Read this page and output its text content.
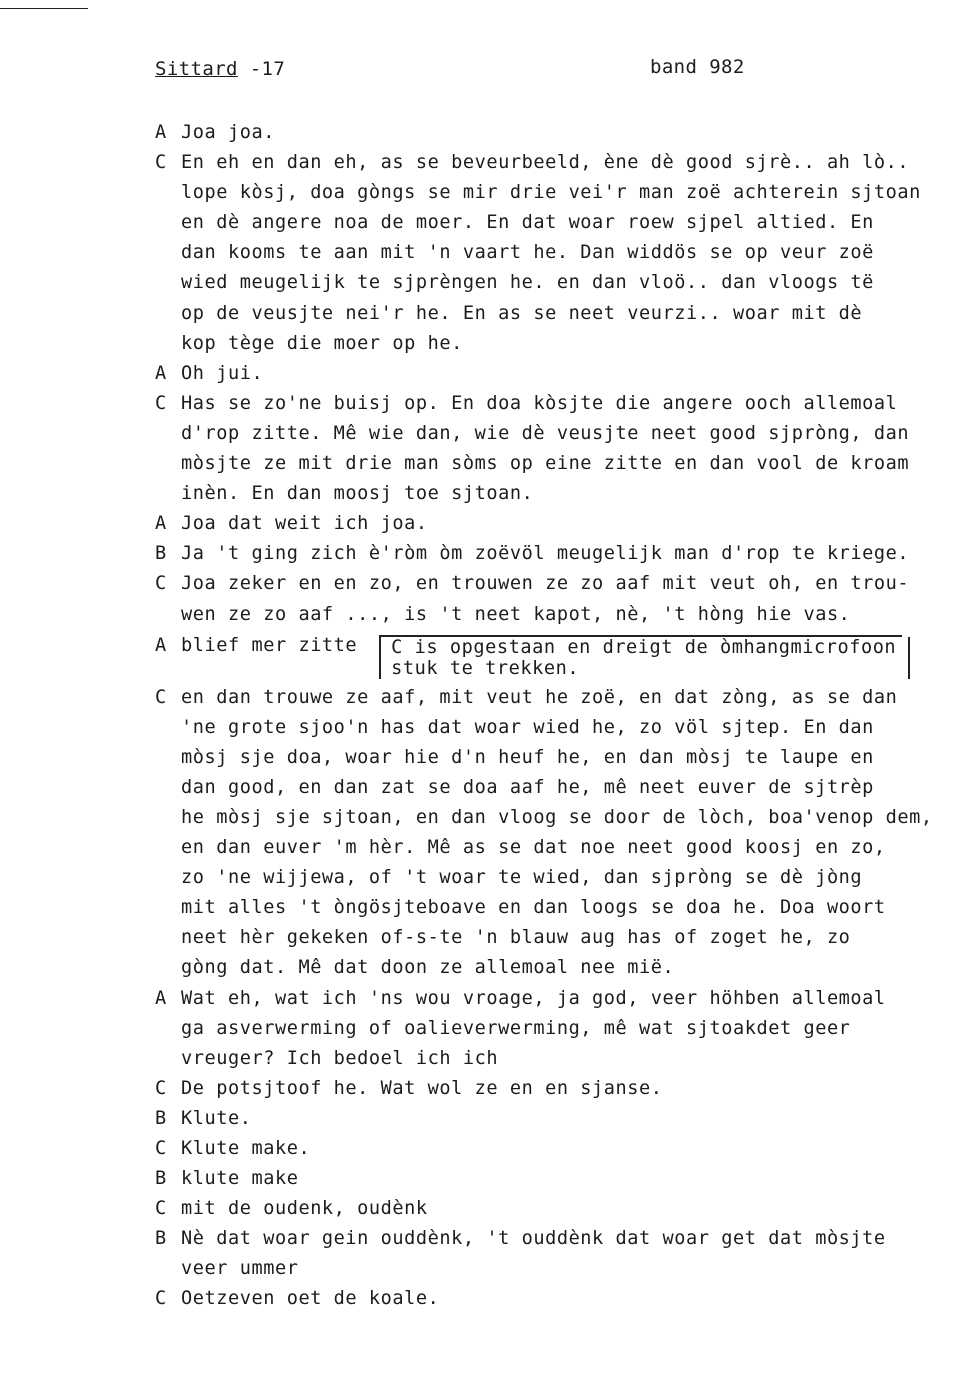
Sittard -17	band 982
A Joa joa.
C En eh en dan eh, as se beveurbeeld, ène dè good sjrè.. ah lò..
lope kòsj, doa gòngs se mir drie vei'r man zoë achterein sjtoan
en dè angere noa de moer. En dat woar roew sjpel altied. En
dan kooms te aan mit 'n vaart he. Dan widdös se op veur zoë
wied meugelijk te sjprèngen he. en dan vloö.. dan vloogs të
op de veusjte nei'r he. En as se neet veurzi.. woar mit dè
kop tège die moer op he.
A Oh jui.
C Has se zo'ne buisj op. En doa kòsjte die angere ooch allemoal
d'rop zitte. Mê wie dan, wie dè veusjte neet good sjpròng, dan
mòsjte ze mit drie man sòms op eine zitte en dan vool de kroam
inèn. En dan moosj toe sjtoan.
A Joa dat weit ich joa.
B Ja 't ging zich è'ròm òm zoëvöl meugelijk man d'rop te kriege.
C Joa zeker en en zo, en trouwen ze zo aaf mit veut oh, en trou-
wen ze zo aaf ..., is 't neet kapot, nè, 't hòng hie vas.
A blief mer zitte C is opgestaan en dreigt de òmhangmicrofoon
stuk te trekken.
C en dan trouwe ze aaf, mit veut he zoë, en dat zòng, as se dan
'ne grote sjoo'n has dat woar wied he, zo völ sjtep. En dan
mòsj sje doa, woar hie d'n heuf he, en dan mòsj te laupe en
dan good, en dan zat se doa aaf he, mê neet euver de sjtrèp
he mòsj sje sjtoan, en dan vloog se door de lòch, boa'venop dem,
en dan euver 'm hèr. Mê as se dat noe neet good koosj en zo,
zo 'ne wijjewa, of 't woar te wied, dan sjpròng se dè jòng
mit alles 't òngösjteboave en dan loogs se doa he. Doa woort
neet hèr gekeken of-s-te 'n blauw aug has of zoget he, zo
gòng dat. Mê dat doon ze allemoal nee mië.
A Wat eh, wat ich 'ns wou vroage, ja god, veer höhben allemoal
ga asverwerming of oalieverwerming, mê wat sjtoakdet geer
vreuger? Ich bedoel ich ich
C De potsjtoof he. Wat wol ze en en sjanse.
B Klute.
C Klute make.
B klute make
C mit de oudenk, oudènk
B Nè dat woar gein ouddènk, 't ouddènk dat woar get dat mòsjte
veer ummer
C Oetzeven oet de koale.
